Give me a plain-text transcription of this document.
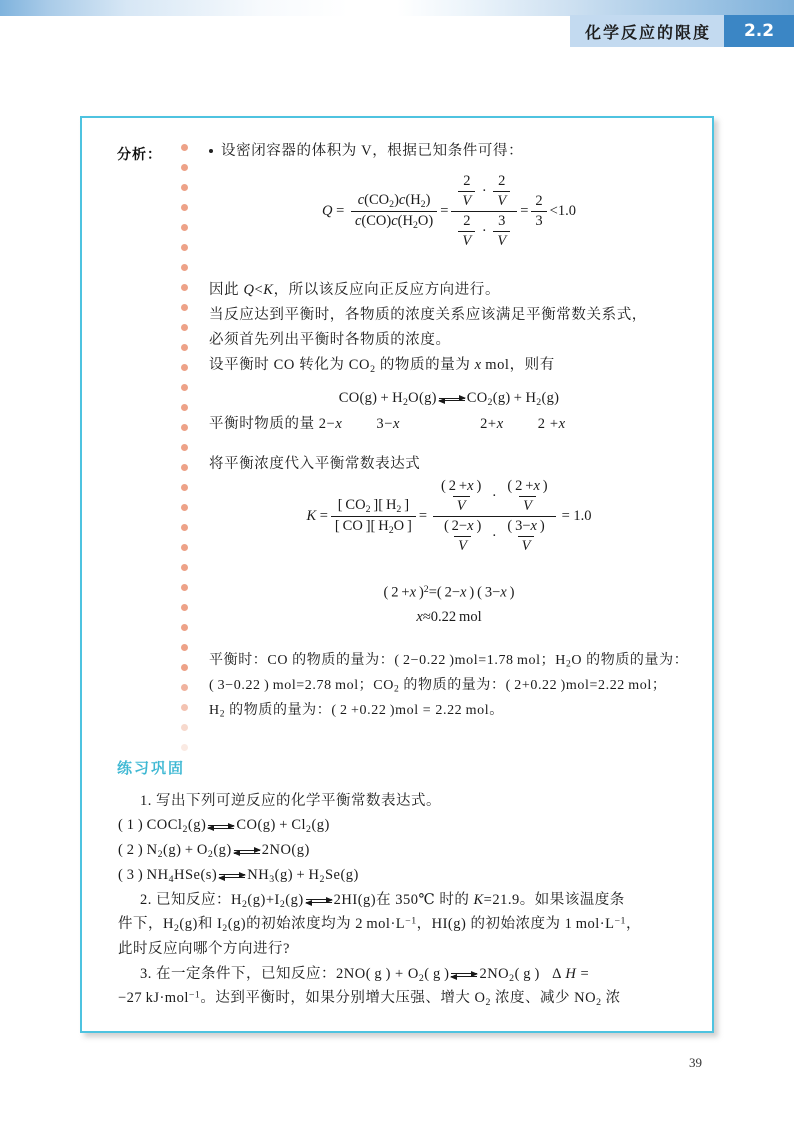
化学反应的限度	2.2
分析：	设密闭容器的体积为 V，根据已知条件可得：
$Q = \frac{c(CO_2)c(H_2)}{c(CO)c(H_2O)} = \frac{\frac{2}{V} \cdot \frac{2}{V}}{\frac{2}{V} \cdot \frac{3}{V}} = \frac{2}{3} <1.0$

因此 Q<K，所以该反应向正反应方向进行。

当反应达到平衡时，各物质的浓度关系应该满足平衡常数关系式，

必须首先列出平衡时各物质的浓度。

设平衡时 CO 转化为 $CO_2$ 的物质的量为 x mol，则有

$CO(g) + H_2O(g) CO_2(g) + H_2(g)$
平衡时物质的量 2−x 3−x	2+x 2 +x
将平衡浓度代入平衡常数表达式
$K = \frac{[ CO_2 ][ H_2 ]}{[ CO ][ H_2O ]} = \frac{\frac{( 2 +x )}{V} \cdot \frac{( 2 +x )}{V}}{\frac{( 2-x )}{V} \cdot \frac{( 3-x )}{V}} = 1.0$
( 2 +x )$^2$=( 2−x ) ( 3−x )
x≈0.22 mol

平衡时：CO 的物质的量为：( 2−0.22 )mol=1.78 mol；$H_2O$ 的物质的量为：

( 3−0.22 ) mol=2.78 mol；$CO_2$ 的物质的量为：( 2+0.22 )mol=2.22 mol；

$H_2$ 的物质的量为：( 2 +0.22 )mol = 2.22 mol。

练习巩固
1. 写出下列可逆反应的化学平衡常数表达式。
( 1 ) COCl$_2$(g) $CO(g) + Cl_2(g)$
( 2 ) $N_2(g) + O_2(g)$ 2NO(g)
( 3 ) $NH_4HSe(s) NH_3(g) + H_2Se(g)$
2. 已知反应：$H_2(g)+I_2(g)$ 2HI(g)在 350℃ 时的 K=21.9。如果该温度条
件下，$H_2(g)$和 $I_2(g)$的初始浓度均为 2 $mol\cdot L^{-1}$，HI(g) 的初始浓度为 1 $mol\cdot L^{-1}$，
此时反应向哪个方向进行?
3. 在一定条件下，已知反应：2NO( g ) + $O_2$( g ) $2NO_2$( g )   Δ H =
−27 kJ·mol$^{-1}$。达到平衡时，如果分别增大压强、增大 $O_2$ 浓度、减少 $NO_2$ 浓
39
